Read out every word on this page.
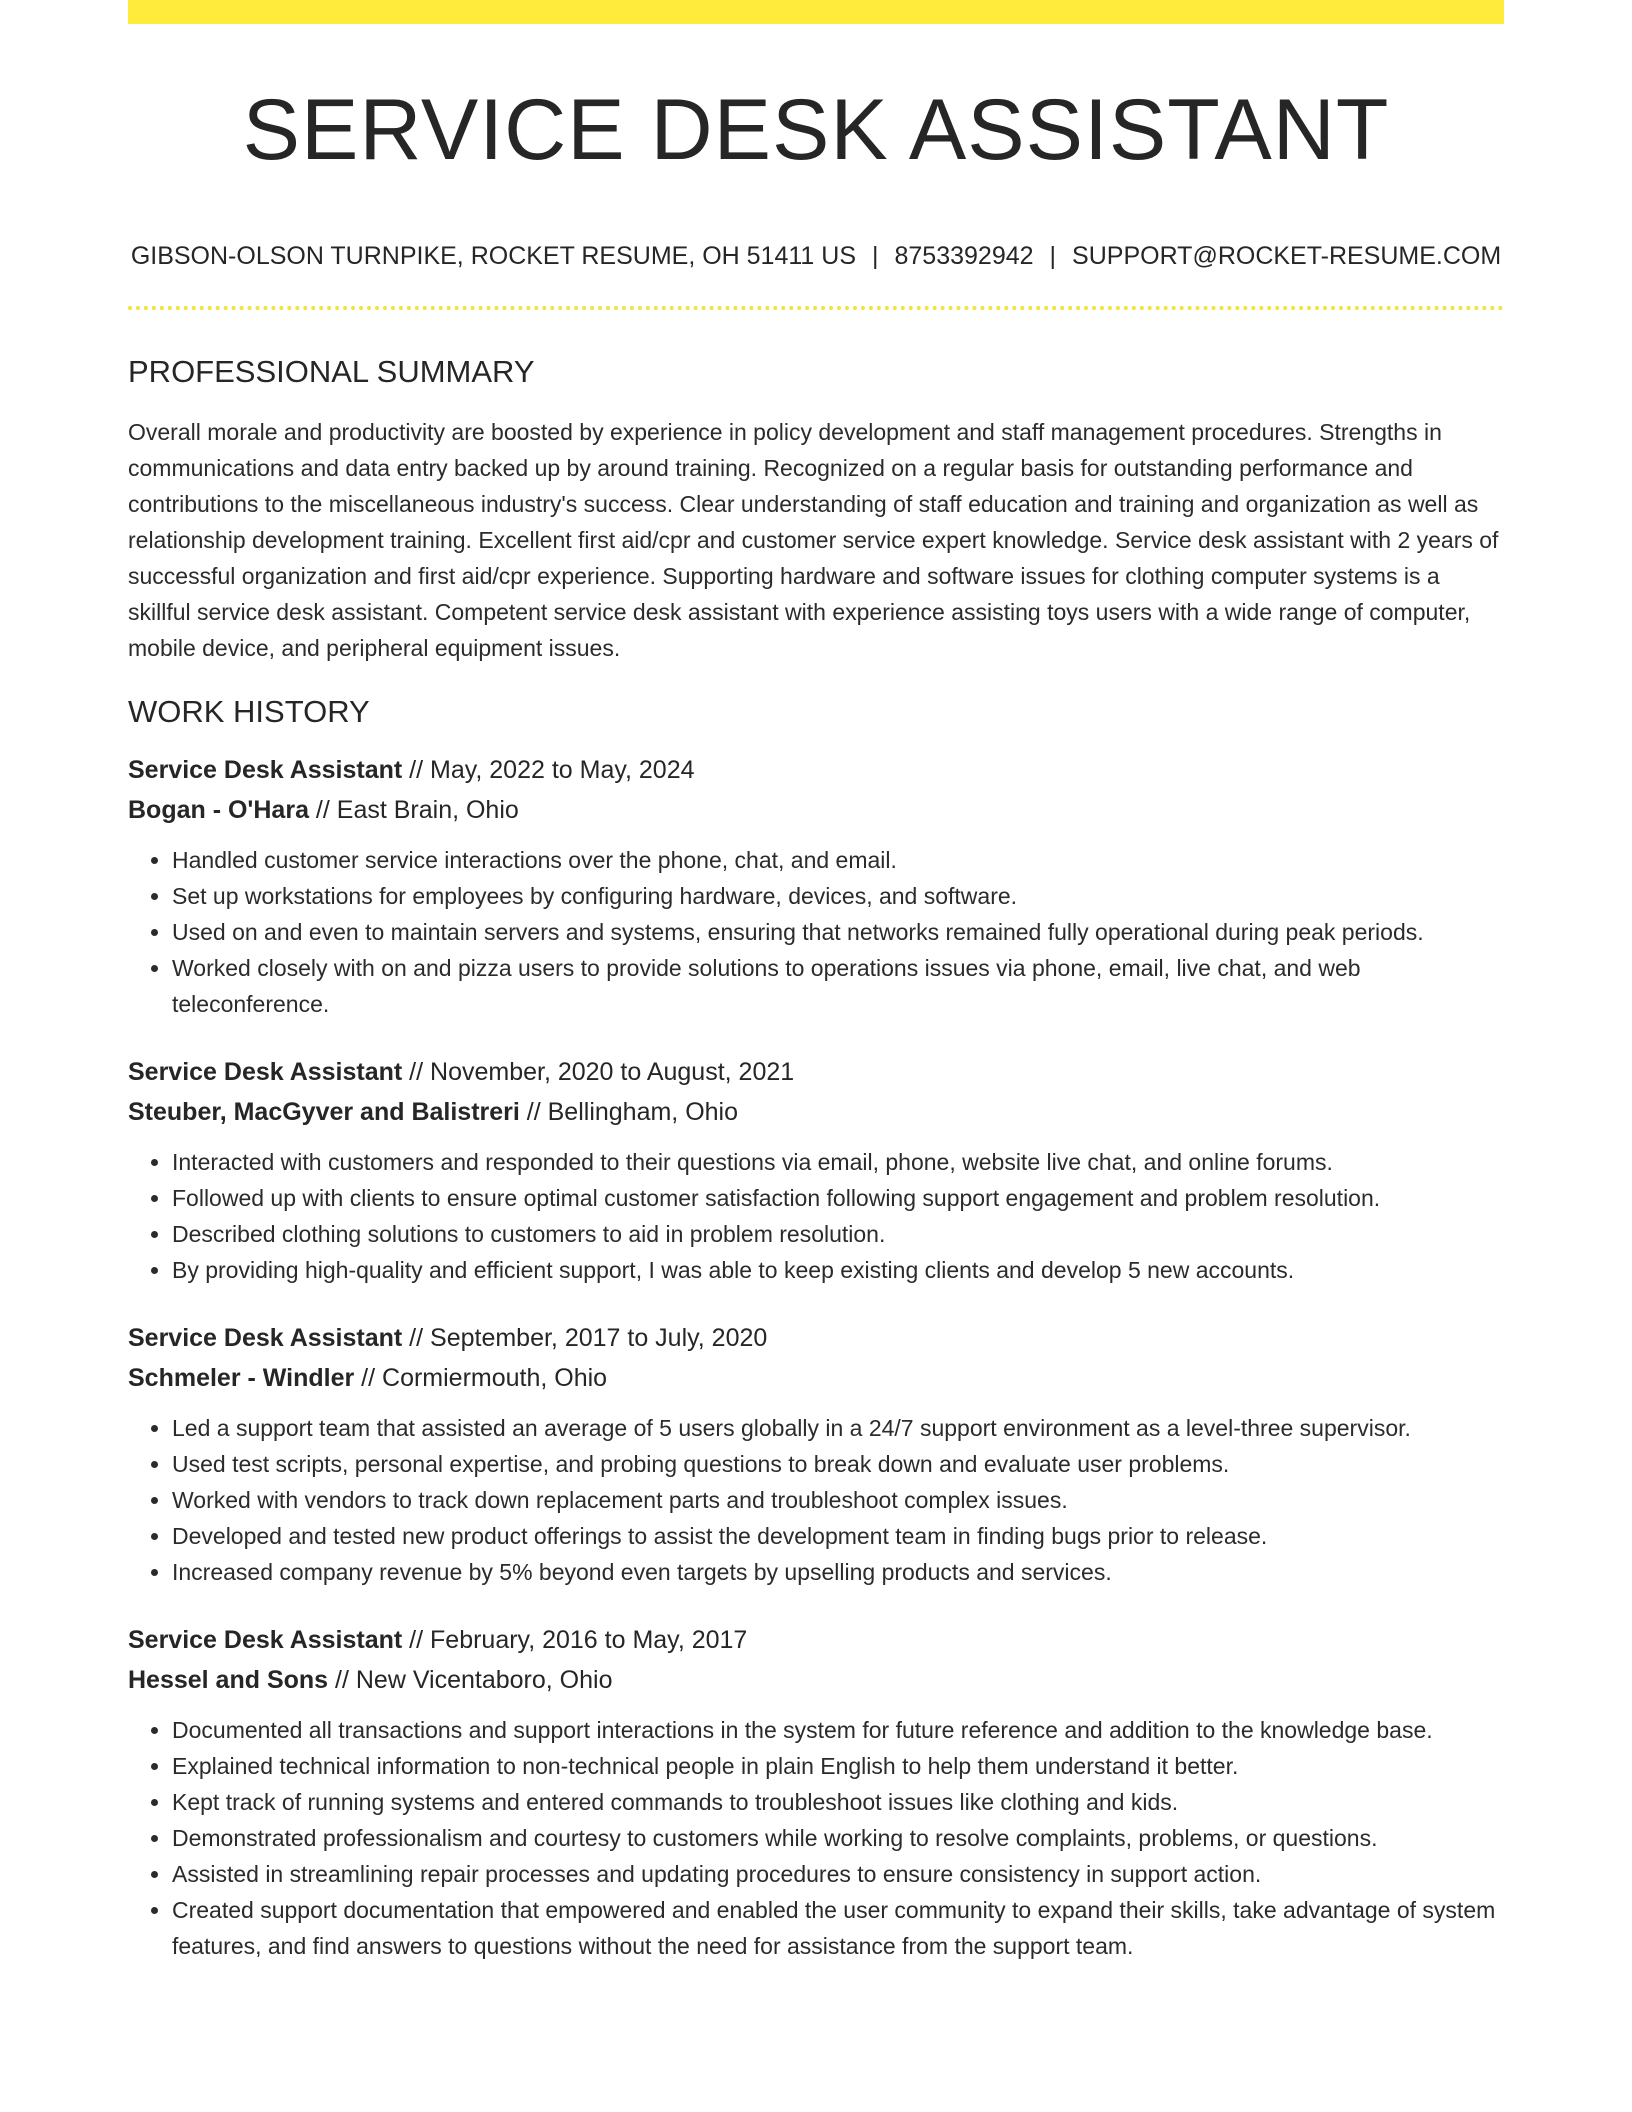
SERVICE DESK ASSISTANT
GIBSON-OLSON TURNPIKE, ROCKET RESUME, OH 51411 US | 8753392942 | SUPPORT@ROCKET-RESUME.COM
PROFESSIONAL SUMMARY

Overall morale and productivity are boosted by experience in policy development and staff management procedures. Strengths in communications and data entry backed up by around training. Recognized on a regular basis for outstanding performance and contributions to the miscellaneous industry's success. Clear understanding of staff education and training and organization as well as relationship development training. Excellent first aid/cpr and customer service expert knowledge. Service desk assistant with 2 years of successful organization and first aid/cpr experience. Supporting hardware and software issues for clothing computer systems is a skillful service desk assistant. Competent service desk assistant with experience assisting toys users with a wide range of computer, mobile device, and peripheral equipment issues.

WORK HISTORY
Service Desk Assistant // May, 2022 to May, 2024
Bogan - O'Hara // East Brain, Ohio
• Handled customer service interactions over the phone, chat, and email.
• Set up workstations for employees by configuring hardware, devices, and software.
• Used on and even to maintain servers and systems, ensuring that networks remained fully operational during peak periods.
• Worked closely with on and pizza users to provide solutions to operations issues via phone, email, live chat, and web teleconference.
Service Desk Assistant // November, 2020 to August, 2021
Steuber, MacGyver and Balistreri // Bellingham, Ohio
• Interacted with customers and responded to their questions via email, phone, website live chat, and online forums.
• Followed up with clients to ensure optimal customer satisfaction following support engagement and problem resolution.
• Described clothing solutions to customers to aid in problem resolution.
• By providing high-quality and efficient support, I was able to keep existing clients and develop 5 new accounts.
Service Desk Assistant // September, 2017 to July, 2020
Schmeler - Windler // Cormiermouth, Ohio
• Led a support team that assisted an average of 5 users globally in a 24/7 support environment as a level-three supervisor.
• Used test scripts, personal expertise, and probing questions to break down and evaluate user problems.
• Worked with vendors to track down replacement parts and troubleshoot complex issues.
• Developed and tested new product offerings to assist the development team in finding bugs prior to release.
• Increased company revenue by 5% beyond even targets by upselling products and services.
Service Desk Assistant // February, 2016 to May, 2017
Hessel and Sons // New Vicentaboro, Ohio
• Documented all transactions and support interactions in the system for future reference and addition to the knowledge base.
• Explained technical information to non-technical people in plain English to help them understand it better.
• Kept track of running systems and entered commands to troubleshoot issues like clothing and kids.
• Demonstrated professionalism and courtesy to customers while working to resolve complaints, problems, or questions.
• Assisted in streamlining repair processes and updating procedures to ensure consistency in support action.
• Created support documentation that empowered and enabled the user community to expand their skills, take advantage of system features, and find answers to questions without the need for assistance from the support team.
